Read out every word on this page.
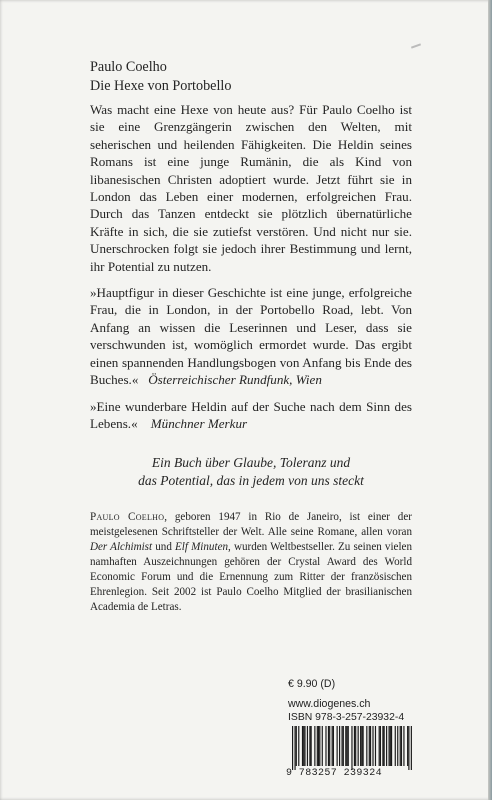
Paulo Coelho
Die Hexe von Portobello
Was macht eine Hexe von heute aus? Für Paulo Coelho ist sie eine Grenzgängerin zwischen den Welten, mit seherischen und heilenden Fähigkeiten. Die Heldin seines Romans ist eine junge Rumänin, die als Kind von libanesischen Christen adoptiert wurde. Jetzt führt sie in London das Leben einer modernen, erfolgreichen Frau. Durch das Tanzen entdeckt sie plötzlich übernatürliche Kräfte in sich, die sie zutiefst verstören. Und nicht nur sie. Unerschrocken folgt sie jedoch ihrer Bestimmung und lernt, ihr Potential zu nutzen.
»Hauptfigur in dieser Geschichte ist eine junge, erfolgreiche Frau, die in London, in der Portobello Road, lebt. Von Anfang an wissen die Leserinnen und Leser, dass sie verschwunden ist, womöglich ermordet wurde. Das ergibt einen spannenden Handlungsbogen von Anfang bis Ende des Buches.« Österreichischer Rundfunk, Wien
»Eine wunderbare Heldin auf der Suche nach dem Sinn des Lebens.« Münchner Merkur
Ein Buch über Glaube, Toleranz und
das Potential, das in jedem von uns steckt
Paulo Coelho, geboren 1947 in Rio de Janeiro, ist einer der meistgelesenen Schriftsteller der Welt. Alle seine Romane, allen voran Der Alchimist und Elf Minuten, wurden Weltbestseller. Zu seinen vielen namhaften Auszeichnungen gehören der Crystal Award des World Economic Forum und die Ernennung zum Ritter der französischen Ehrenlegion. Seit 2002 ist Paulo Coelho Mitglied der brasilianischen Academia de Letras.
€ 9.90 (D)
www.diogenes.ch
ISBN 978-3-257-23932-4
9 783257 239324
